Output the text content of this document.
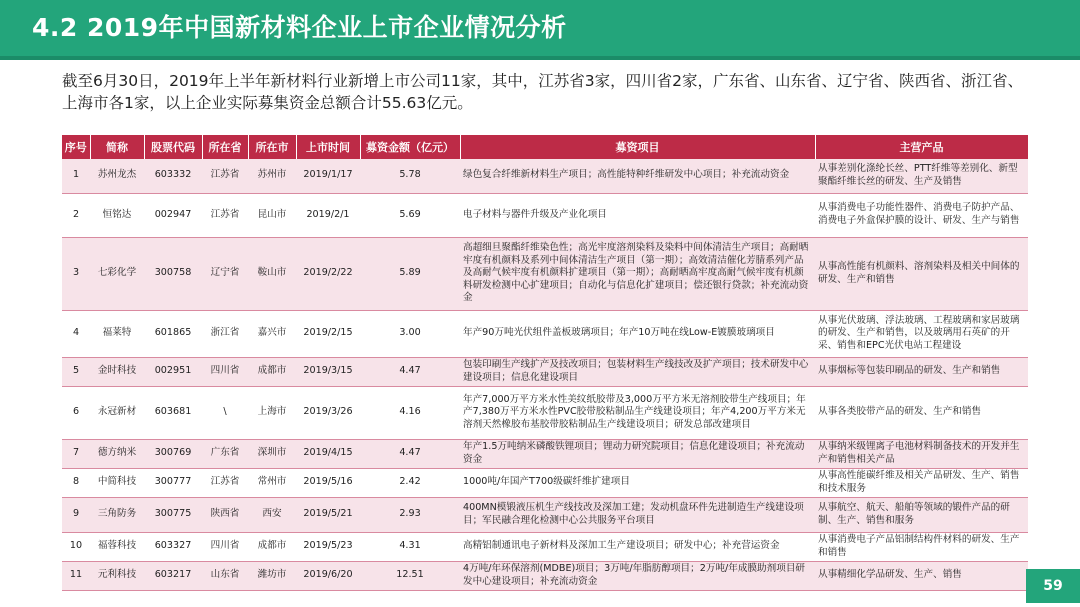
4.2 2019年中国新材料企业上市企业情况分析
截至6月30日，2019年上半年新材料行业新增上市公司11家，其中，江苏省3家，四川省2家，广东省、山东省、辽宁省、陕西省、浙江省、上海市各1家，以上企业实际募集资金总额合计55.63亿元。
序号	简称	股票代码	所在省	所在市	上市时间	募资金额（亿元）	募资项目	主营产品
1	苏州龙杰	603332	江苏省	苏州市	2019/1/17	5.78	绿色复合纤维新材料生产项目；高性能特种纤维研发中心项目；补充流动资金	从事差别化涤纶长丝、PTT纤维等差别化、新型聚酯纤维长丝的研发、生产及销售
2	恒铭达	002947	江苏省	昆山市	2019/2/1	5.69	电子材料与器件升级及产业化项目	从事消费电子功能性器件、消费电子防护产品、消费电子外盒保护膜的设计、研发、生产与销售
3	七彩化学	300758	辽宁省	鞍山市	2019/2/22	5.89	高超细旦聚酯纤维染色性；高光牢度溶剂染料及染料中间体清洁生产项目；高耐晒牢度有机颜料及系列中间体清洁生产项目（第一期）；高效清洁催化芳腈系列产品及高耐气候牢度有机颜料扩建项目（第一期）；高耐晒高牢度高耐气候牢度有机颜料研发检测中心扩建项目；自动化与信息化扩建项目；偿还银行贷款；补充流动资金	从事高性能有机颜料、溶剂染料及相关中间体的研发、生产和销售
4	福莱特	601865	浙江省	嘉兴市	2019/2/15	3.00	年产90万吨光伏组件盖板玻璃项目；年产10万吨在线Low-E镀膜玻璃项目	从事光伏玻璃、浮法玻璃、工程玻璃和家居玻璃的研发、生产和销售，以及玻璃用石英矿的开采、销售和EPC光伏电站工程建设
5	金时科技	002951	四川省	成都市	2019/3/15	4.47	包装印刷生产线扩产及技改项目；包装材料生产线技改及扩产项目；技术研发中心建设项目；信息化建设项目	从事烟标等包装印刷品的研发、生产和销售
6	永冠新材	603681	\	上海市	2019/3/26	4.16	年产7,000万平方米水性美纹纸胶带及3,000万平方米无溶剂胶带生产线项目；年产7,380万平方米水性PVC胶带胶粘制品生产线建设项目；年产4,200万平方米无溶剂天然橡胶布基胶带胶粘制品生产线建设项目；研发总部改建项目	从事各类胶带产品的研发、生产和销售
7	德方纳米	300769	广东省	深圳市	2019/4/15	4.47	年产1.5万吨纳米磷酸铁锂项目；锂动力研究院项目；信息化建设项目；补充流动资金	从事纳米级锂离子电池材料制备技术的开发并生产和销售相关产品
8	中简科技	300777	江苏省	常州市	2019/5/16	2.42	1000吨/年国产T700级碳纤维扩建项目	从事高性能碳纤维及相关产品研发、生产、销售和技术服务
9	三角防务	300775	陕西省	西安	2019/5/21	2.93	400MN模锻液压机生产线技改及深加工建；发动机盘环件先进制造生产线建设项目；军民融合理化检测中心公共服务平台项目	从事航空、航天、船舶等领域的锻件产品的研制、生产、销售和服务
10	福蓉科技	603327	四川省	成都市	2019/5/23	4.31	高精铝制通讯电子新材料及深加工生产建设项目；研发中心；补充营运资金	从事消费电子产品铝制结构件材料的研发、生产和销售
11	元利科技	603217	山东省	潍坊市	2019/6/20	12.51	4万吨/年环保溶剂(MDBE)项目；3万吨/年脂肪醇项目；2万吨/年成膜助剂项目研发中心建设项目；补充流动资金	从事精细化学品研发、生产、销售
59
